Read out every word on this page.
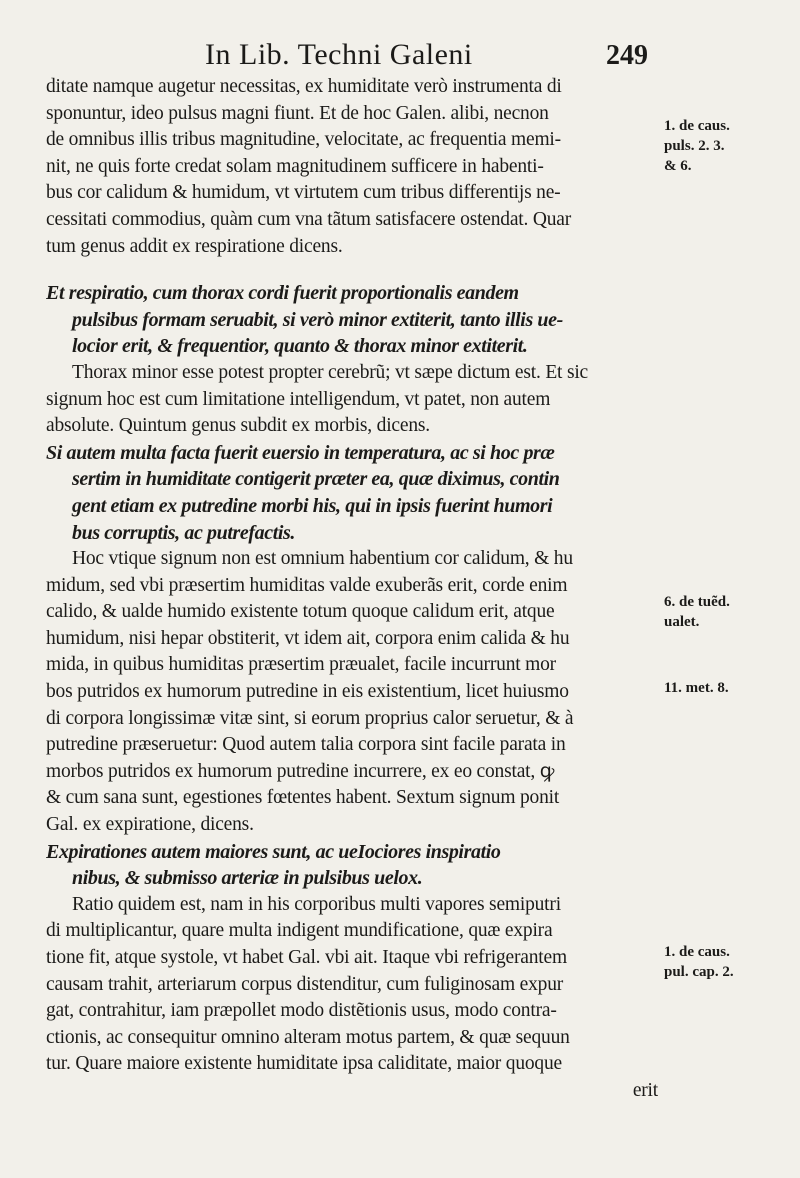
In Lib. Techni Galeni	249
ditate namque augetur necessitas, ex humiditate verò instrumenta di
sponuntur, ideo pulsus magni fiunt. Et de hoc Galen. alibi, necnon
de omnibus illis tribus magnitudine, velocitate, ac frequentia memi-
nit, ne quis forte credat solam magnitudinem sufficere in habenti-
bus cor calidum & humidum, vt virtutem cum tribus differentijs ne-
cessitati commodius, quàm cum vna tãtum satisfacere ostendat. Quar
tum genus addit ex respiratione dicens.
Et respiratio, cum thorax cordi fuerit proportionalis eandem
pulsibus formam seruabit, si verò minor extiterit, tanto illis ue-
locior erit, & frequentior, quanto & thorax minor extiterit.
Thorax minor esse potest propter cerebrũ; vt sæpe dictum est. Et sic
signum hoc est cum limitatione intelligendum, vt patet, non autem
absolute. Quintum genus subdit ex morbis, dicens.
Si autem multa facta fuerit euersio in temperatura, ac si hoc præ
sertim in humiditate contigerit præter ea, quæ diximus, contin
gent etiam ex putredine morbi his, qui in ipsis fuerint humori
bus corruptis, ac putrefactis.
Hoc vtique signum non est omnium habentium cor calidum, & hu
midum, sed vbi præsertim humiditas valde exuberãs erit, corde enim
calido, & ualde humido existente totum quoque calidum erit, atque
humidum, nisi hepar obstiterit, vt idem ait, corpora enim calida & hu
mida, in quibus humiditas præsertim præualet, facile incurrunt mor
bos putridos ex humorum putredine in eis existentium, licet huiusmo
di corpora longissimæ vitæ sint, si eorum proprius calor seruetur, & à
putredine præseruetur: Quod autem talia corpora sint facile parata in
morbos putridos ex humorum putredine incurrere, ex eo constat, ꝙ
& cum sana sunt, egestiones fœtentes habent. Sextum signum ponit
Gal. ex expiratione, dicens.
Expirationes autem maiores sunt, ac ueIociores inspiratio
nibus, & submisso arteriæ in pulsibus uelox.
Ratio quidem est, nam in his corporibus multi vapores semiputri
di multiplicantur, quare multa indigent mundificatione, quæ expira
tione fit, atque systole, vt habet Gal. vbi ait. Itaque vbi refrigerantem
causam trahit, arteriarum corpus distenditur, cum fuliginosam expur
gat, contrahitur, iam præpollet modo distẽtionis usus, modo contra-
ctionis, ac consequitur omnino alteram motus partem, & quæ sequun
tur. Quare maiore existente humiditate ipsa caliditate, maior quoque
erit
1. de caus.
puls. 2. 3.
& 6.
6. de tuẽd.
ualet.
11. met. 8.
1. de caus.
pul. cap. 2.
